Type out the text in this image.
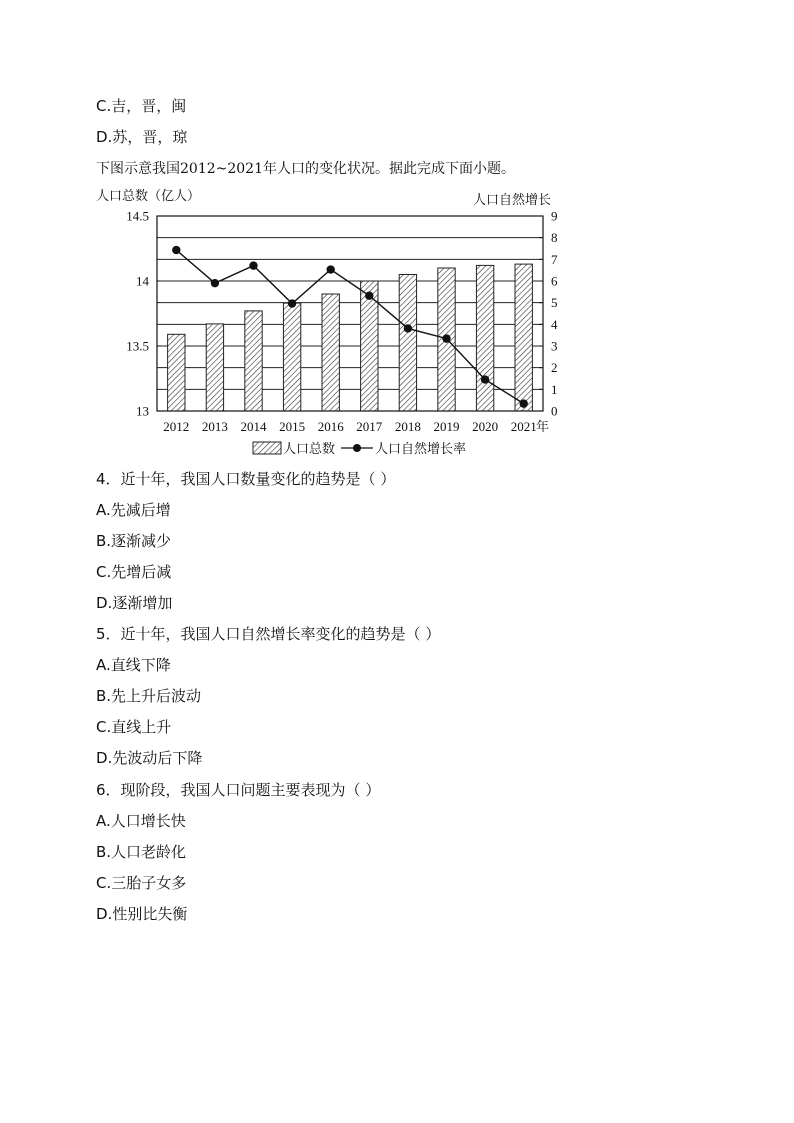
C.吉，晋，闽
D.苏，晋，琼
下图示意我国2012~2021年人口的变化状况。据此完成下面小题。
13
13.5
14
14.5
0
1
2
3
4
5
6
7
8
9
2012 2013 2014 2015 2016 2017 2018 2019 2020 2021
人口总数（亿人）	人口自然增长
年
人口总数	人口自然增长率
4．近十年，我国人口数量变化的趋势是（ ）
A.先减后增
B.逐渐减少
C.先增后减
D.逐渐增加
5．近十年，我国人口自然增长率变化的趋势是（ ）
A.直线下降
B.先上升后波动
C.直线上升
D.先波动后下降
6．现阶段，我国人口问题主要表现为（ ）
A.人口增长快
B.人口老龄化
C.三胎子女多
D.性别比失衡
